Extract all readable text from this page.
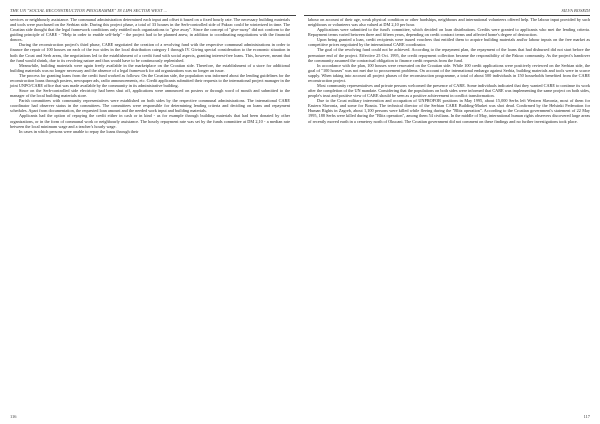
THE UN "SOCIAL RECONSTRUCTION PROGRAMME" IN LIPA SECTOR WEST ...

services or neighbourly assistance. The communal administration determined each input and offset it based on a fixed hourly rate. The necessary building materials and tools were purchased on the Serbian side. During this project phase, a total of 33 houses in the Serb-controlled side of Pakrac could be winterized in time. The Croatian side thought that the legal framework conditions only entitled such organizations to "give away". Since the concept of "give-away" did not conform to the guiding principle of CARE - "Help in order to enable self-help" - the project had to be planned anew, in addition to coordinating negotiations with the financial donors.

During the reconstruction project's third phase, CARE negotiated the creation of a revolving fund with the respective communal administrations in order to finance the repair of 100 houses on each of the two sides in the local distribution category I through IV. Giving special consideration to the economic situation in both the Croat and Serb areas, the negotiations led to the establishment of a credit fund with social aspects, granting interest-free loans. This, however, meant that the fund would shrink, due to its revolving nature and thus would have to be continuously replenished.

Meanwhile, building materials were again freely available in the marketplace on the Croatian side. Therefore, the establishment of a store for additional building materials was no longer necessary and the absence of a legal framework for aid organizations was no longer an issue.

The process for granting loans from the credit fund worked as follows: On the Croatian side, the population was informed about the lending guidelines for the reconstruction loans through posters, newspaper ads, radio announcements, etc. Credit applicants submitted their requests to the international project manager in the joint UNPO/CARE office that was made available by the community in its administrative building.

Since on the Serb-controlled side electricity had been shut off, applications were announced on posters or through word of mouth and submitted to the manager of the local building materials store.

Parish committees with community representatives were established on both sides by the respective communal administrations. The international CARE coordinator had observer status in the committees. The committees were responsible for determining lending criteria and deciding on loans and repayment schedules. Apart from documentation, the requested loan amount and the needed work input and building materials.

Applicants had the option of repaying the credit either in cash or in kind - as for example through building materials that had been donated by other organizations, or in the form of communal work or neighbourly assistance. The hourly repayment rate was set by the funds committee at DM 2,10 - a median rate between the local minimum wage and a teacher's hourly wage.

In cases in which persons were unable to repay the loans through their

116
SILVA BOSEDI

labour on account of their age, weak physical condition or other hardships, neighbours and international volunteers offered help. The labour input provided by such neighbours or volunteers was also valued at DM 2,10 per hour.

Applications were submitted to the fund's committee, which decided on loan distributions. Credits were granted to applicants who met the lending criteria. Repayment terms varied between three and fifteen years, depending on credit contract terms and affected home's degree of destruction.

Upon being granted a loan, credit recipients were issued vouchers that entitled them to acquire building materials and/or labour inputs on the free market as competitive prices negotiated by the international CARE coordinator.

The goal of the revolving fund could not be achieved. According to the repayment plan, the repayment of the loans that had disbursed did not start before the premature end of the project. Effective 25 Oct. 1995, the credit repayment collection became the responsibility of the Pakrac community. As the project's handover the community assumed the contractual obligation to finance credit requests from the fund.

In accordance with the plan, 100 houses were renovated on the Croatian side. While 100 credit applications were positively reviewed on the Serbian side, the goal of "100 houses" was not met due to procurement problems. On account of the international embargo against Serbia, building materials and tools were in scarce supply. When taking into account all project phases of the reconstruction programme, a total of about 500 individuals in 150 households benefited from the CARE reconstruction project.

Most community representatives and private persons welcomed the presence of CARE. Some individuals indicated that they wanted CARE to continue its work after the completion of the UN mandate. Considering that the populations on both sides were informed that CARE was implementing the same project on both sides, people's trust and positive view of CARE should be seen as a positive achievement in conflict transformation.

Due to the Croat military intervention and occupation of UNPROFOR positions in May 1995, about 15,000 Serbs left Western Slavonia, most of them for Eastern Slavonia, and some for Bosnia. The technical director of the Serbian CARE Building-Market was shot dead. Confirmed by the Helsinki Federation for Human Rights in Zagreb, about 1,100 persons were killed while fleeing during the "Blitz operation". According to the Croatian government's statement of 22 May 1995, 188 Serbs were killed during the "Blitz operation", among them 54 civilians. In the middle of May, international human rights observers discovered large areas of recently moved earth in a cemetery north of Okucani. The Croatian government did not comment on these findings and no further investigations took place.

117
